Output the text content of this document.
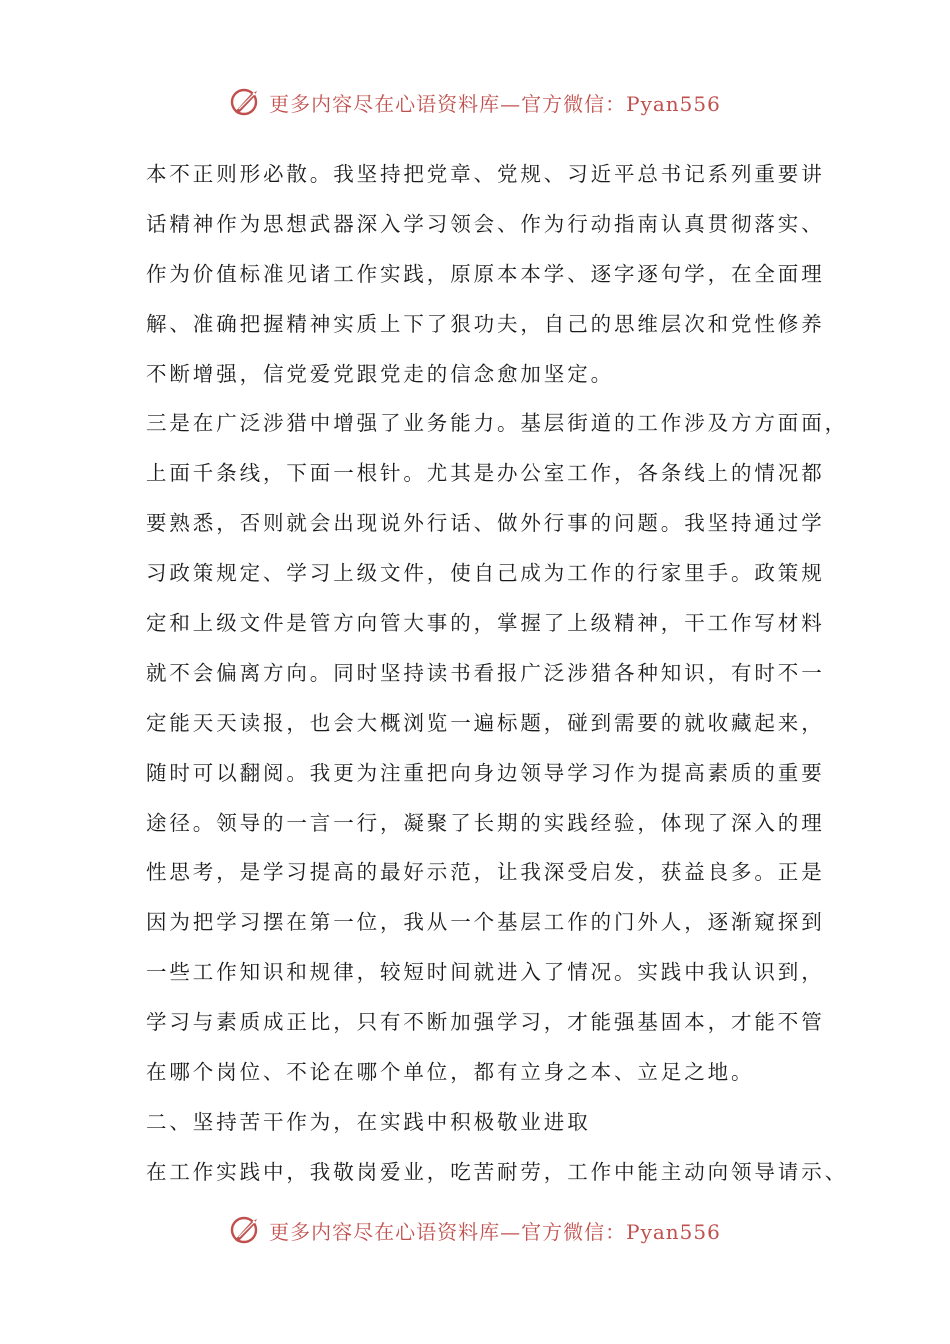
更多内容尽在心语资料库—官方微信：Pyan556
本不正则形必散。我坚持把党章、党规、习近平总书记系列重要讲
话精神作为思想武器深入学习领会、作为行动指南认真贯彻落实、
作为价值标准见诸工作实践，原原本本学、逐字逐句学，在全面理
解、准确把握精神实质上下了狠功夫，自己的思维层次和党性修养
不断增强，信党爱党跟党走的信念愈加坚定。
三是在广泛涉猎中增强了业务能力。基层街道的工作涉及方方面面，
上面千条线，下面一根针。尤其是办公室工作，各条线上的情况都
要熟悉，否则就会出现说外行话、做外行事的问题。我坚持通过学
习政策规定、学习上级文件，使自己成为工作的行家里手。政策规
定和上级文件是管方向管大事的，掌握了上级精神，干工作写材料
就不会偏离方向。同时坚持读书看报广泛涉猎各种知识，有时不一
定能天天读报，也会大概浏览一遍标题，碰到需要的就收藏起来，
随时可以翻阅。我更为注重把向身边领导学习作为提高素质的重要
途径。领导的一言一行，凝聚了长期的实践经验，体现了深入的理
性思考，是学习提高的最好示范，让我深受启发，获益良多。正是
因为把学习摆在第一位，我从一个基层工作的门外人，逐渐窥探到
一些工作知识和规律，较短时间就进入了情况。实践中我认识到，
学习与素质成正比，只有不断加强学习，才能强基固本，才能不管
在哪个岗位、不论在哪个单位，都有立身之本、立足之地。
二、坚持苦干作为，在实践中积极敬业进取
在工作实践中，我敬岗爱业，吃苦耐劳，工作中能主动向领导请示、
更多内容尽在心语资料库—官方微信：Pyan556
